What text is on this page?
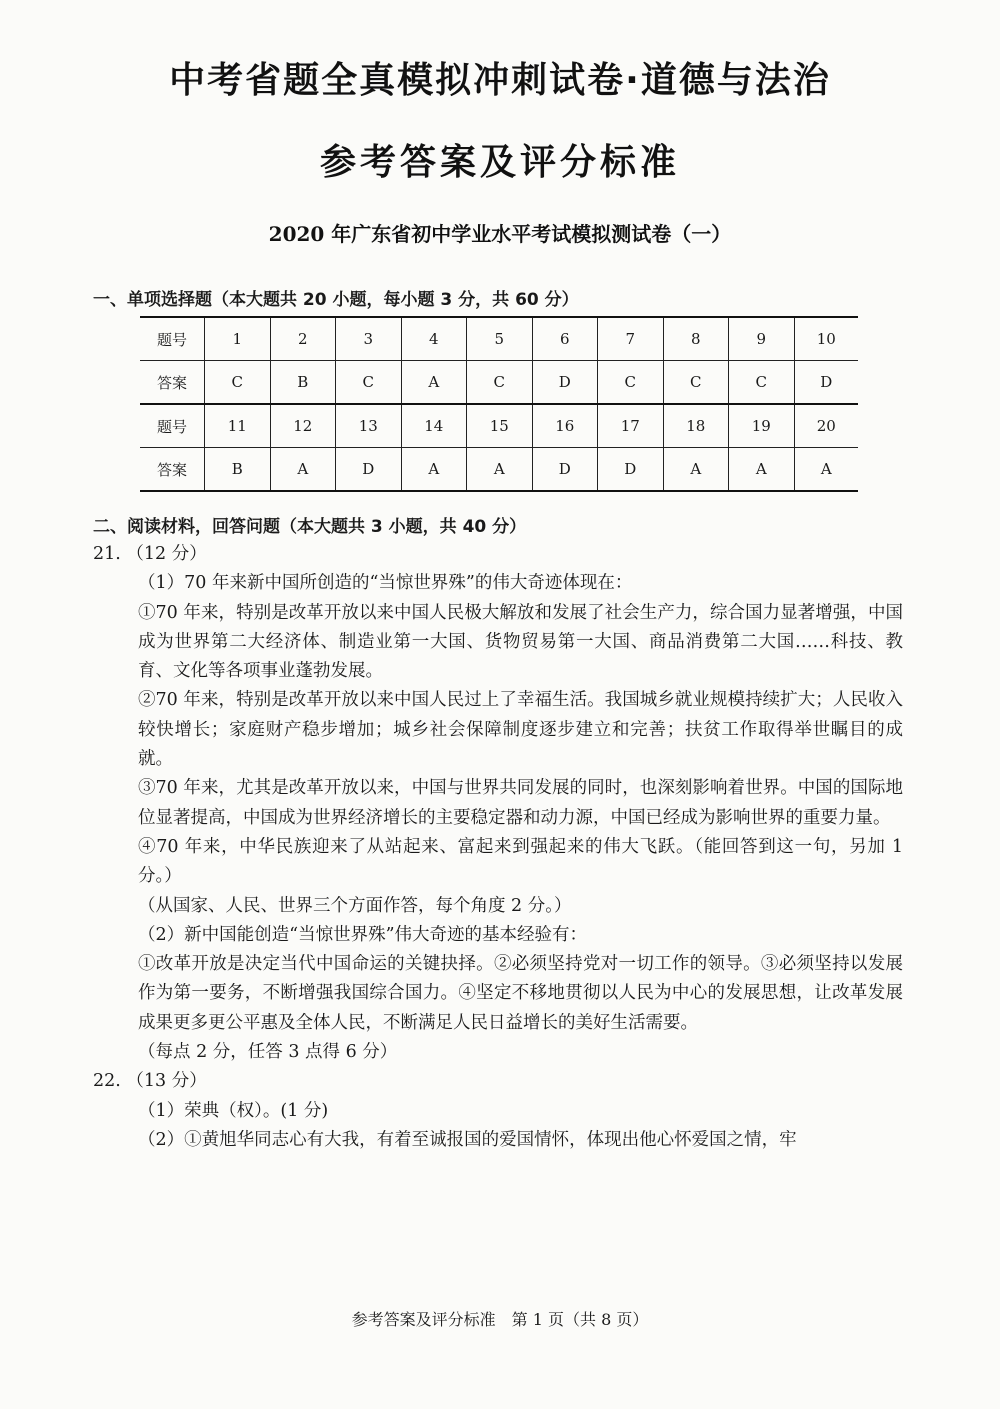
中考省题全真模拟冲刺试卷·道德与法治
参考答案及评分标准
2020 年广东省初中学业水平考试模拟测试卷（一）
一、单项选择题（本大题共 20 小题，每小题 3 分，共 60 分）
题号	1	2	3	4	5	6	7	8	9	10
答案	C	B	C	A	C	D	C	C	C	D
题号	11	12	13	14	15	16	17	18	19	20
答案	B	A	D	A	A	D	D	A	A	A
二、阅读材料，回答问题（本大题共 3 小题，共 40 分）

21. （12 分）

（1）70 年来新中国所创造的“当惊世界殊”的伟大奇迹体现在：

①70 年来，特别是改革开放以来中国人民极大解放和发展了社会生产力，综合国力显著增强，中国成为世界第二大经济体、制造业第一大国、货物贸易第一大国、商品消费第二大国……科技、教育、文化等各项事业蓬勃发展。

②70 年来，特别是改革开放以来中国人民过上了幸福生活。我国城乡就业规模持续扩大；人民收入较快增长；家庭财产稳步增加；城乡社会保障制度逐步建立和完善；扶贫工作取得举世瞩目的成就。

③70 年来，尤其是改革开放以来，中国与世界共同发展的同时，也深刻影响着世界。中国的国际地位显著提高，中国成为世界经济增长的主要稳定器和动力源，中国已经成为影响世界的重要力量。

④70 年来，中华民族迎来了从站起来、富起来到强起来的伟大飞跃。（能回答到这一句，另加 1 分。）

（从国家、人民、世界三个方面作答，每个角度 2 分。）

（2）新中国能创造“当惊世界殊”伟大奇迹的基本经验有：

①改革开放是决定当代中国命运的关键抉择。②必须坚持党对一切工作的领导。③必须坚持以发展作为第一要务，不断增强我国综合国力。④坚定不移地贯彻以人民为中心的发展思想，让改革发展成果更多更公平惠及全体人民，不断满足人民日益增长的美好生活需要。

（每点 2 分，任答 3 点得 6 分）

22. （13 分）

（1）荣典（权）。(1 分)

（2）①黄旭华同志心有大我，有着至诚报国的爱国情怀，体现出他心怀爱国之情，牢

参考答案及评分标准　第 1 页（共 8 页）
